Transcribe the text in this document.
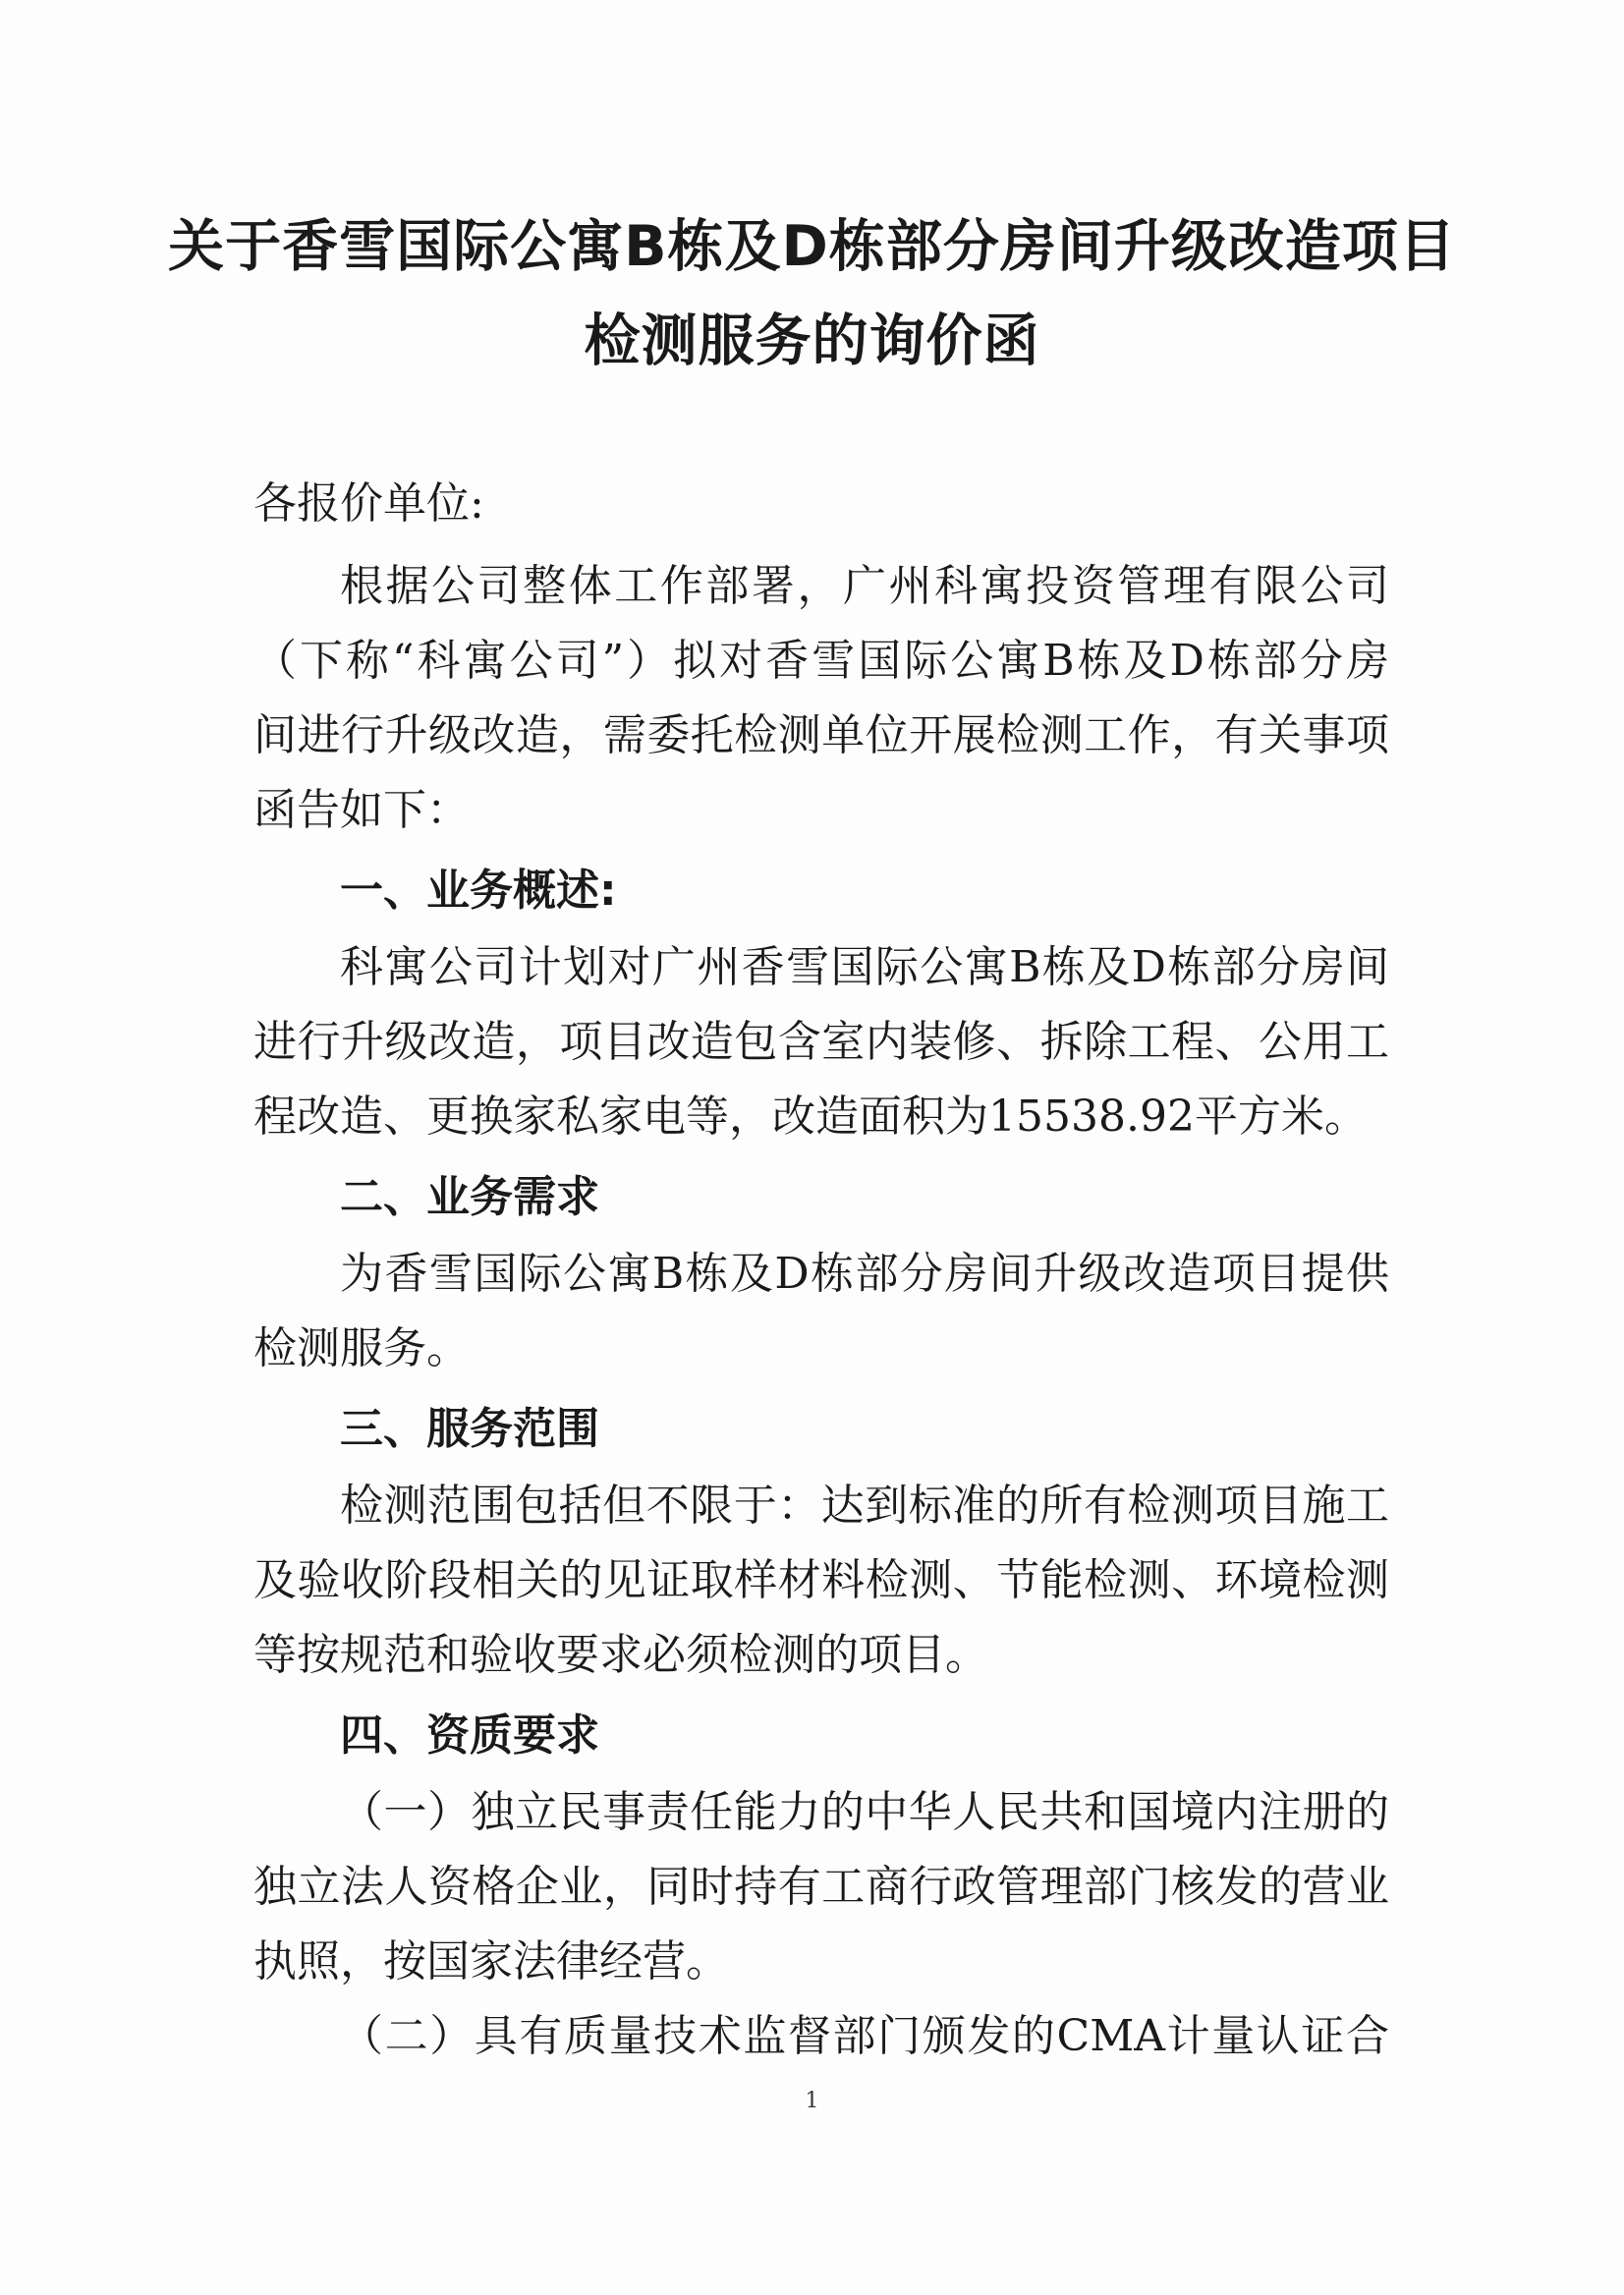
关于香雪国际公寓B栋及D栋部分房间升级改造项目
检测服务的询价函
各报价单位:
根据公司整体工作部署，广州科寓投资管理有限公司
（下称“科寓公司”）拟对香雪国际公寓B栋及D栋部分房
间进行升级改造，需委托检测单位开展检测工作，有关事项
函告如下：
一、业务概述:
科寓公司计划对广州香雪国际公寓B栋及D栋部分房间
进行升级改造，项目改造包含室内装修、拆除工程、公用工
程改造、更换家私家电等，改造面积为15538.92平方米。
二、业务需求
为香雪国际公寓B栋及D栋部分房间升级改造项目提供
检测服务。
三、服务范围
检测范围包括但不限于：达到标准的所有检测项目施工
及验收阶段相关的见证取样材料检测、节能检测、环境检测
等按规范和验收要求必须检测的项目。
四、资质要求
（一）独立民事责任能力的中华人民共和国境内注册的
独立法人资格企业，同时持有工商行政管理部门核发的营业
执照，按国家法律经营。
（二）具有质量技术监督部门颁发的CMA计量认证合
1
